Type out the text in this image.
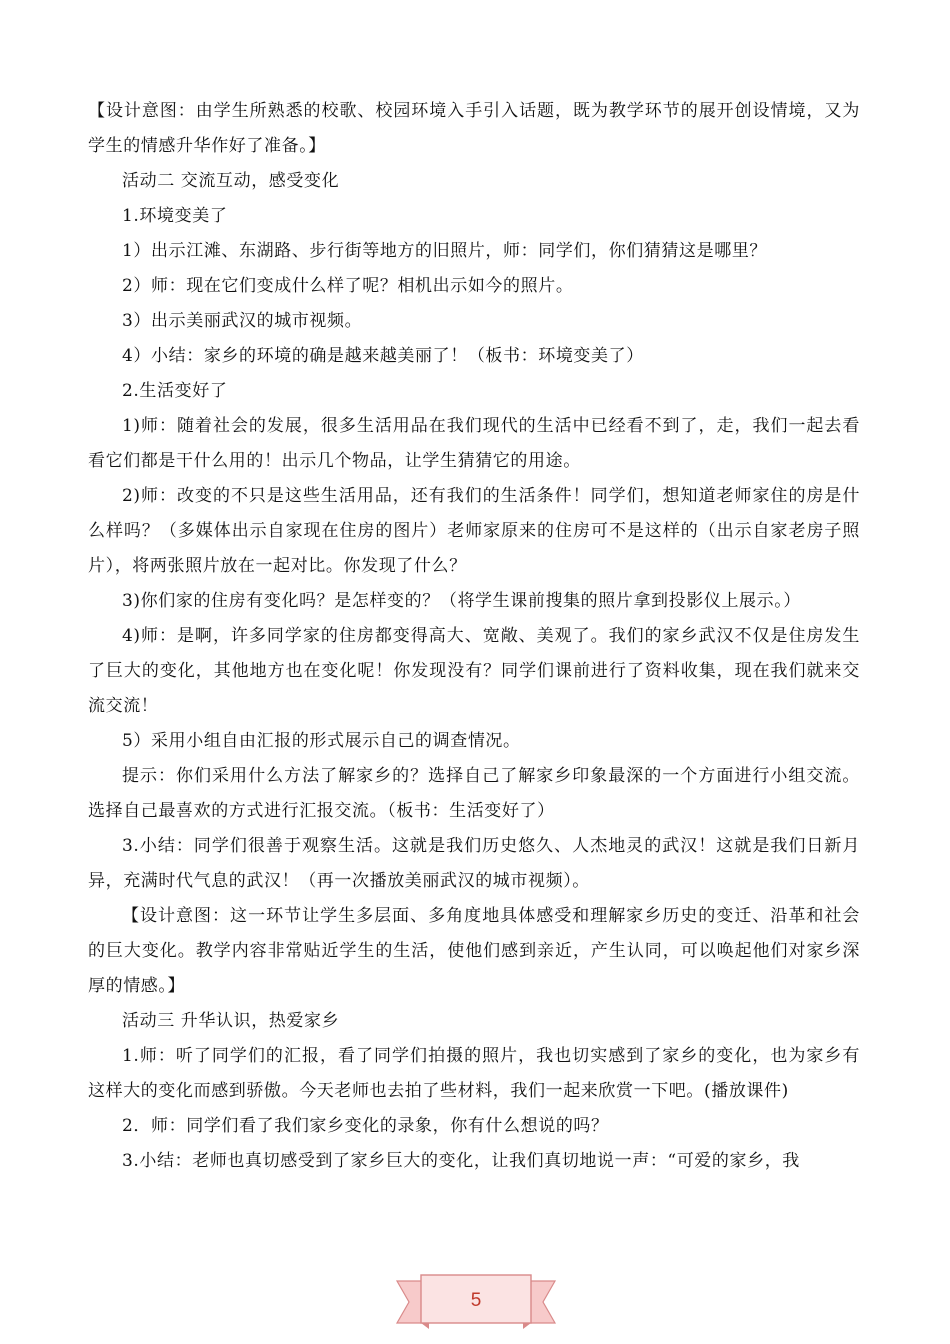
【设计意图：由学生所熟悉的校歌、校园环境入手引入话题，既为教学环节的展开创设情境，又为学生的情感升华作好了准备。】

活动二 交流互动，感受变化

1.环境变美了

1）出示江滩、东湖路、步行街等地方的旧照片，师：同学们，你们猜猜这是哪里？

2）师：现在它们变成什么样了呢？相机出示如今的照片。

3）出示美丽武汉的城市视频。

4）小结：家乡的环境的确是越来越美丽了！（板书：环境变美了）

2.生活变好了

1)师：随着社会的发展，很多生活用品在我们现代的生活中已经看不到了，走，我们一起去看看它们都是干什么用的！出示几个物品，让学生猜猜它的用途。

2)师：改变的不只是这些生活用品，还有我们的生活条件！同学们，想知道老师家住的房是什么样吗？（多媒体出示自家现在住房的图片）老师家原来的住房可不是这样的（出示自家老房子照片），将两张照片放在一起对比。你发现了什么？

3)你们家的住房有变化吗？是怎样变的？（将学生课前搜集的照片拿到投影仪上展示。）

4)师：是啊，许多同学家的住房都变得高大、宽敞、美观了。我们的家乡武汉不仅是住房发生了巨大的变化，其他地方也在变化呢！你发现没有？同学们课前进行了资料收集，现在我们就来交流交流！

5）采用小组自由汇报的形式展示自己的调查情况。

提示：你们采用什么方法了解家乡的？选择自己了解家乡印象最深的一个方面进行小组交流。选择自己最喜欢的方式进行汇报交流。（板书：生活变好了）

3.小结：同学们很善于观察生活。这就是我们历史悠久、人杰地灵的武汉！这就是我们日新月异，充满时代气息的武汉！（再一次播放美丽武汉的城市视频）。

【设计意图：这一环节让学生多层面、多角度地具体感受和理解家乡历史的变迁、沿革和社会的巨大变化。教学内容非常贴近学生的生活，使他们感到亲近，产生认同，可以唤起他们对家乡深厚的情感。】

活动三 升华认识，热爱家乡

1.师：听了同学们的汇报，看了同学们拍摄的照片，我也切实感到了家乡的变化，也为家乡有这样大的变化而感到骄傲。今天老师也去拍了些材料，我们一起来欣赏一下吧。(播放课件)

2．师：同学们看了我们家乡变化的录象，你有什么想说的吗？

3.小结：老师也真切感受到了家乡巨大的变化，让我们真切地说一声：“可爱的家乡，我

5
